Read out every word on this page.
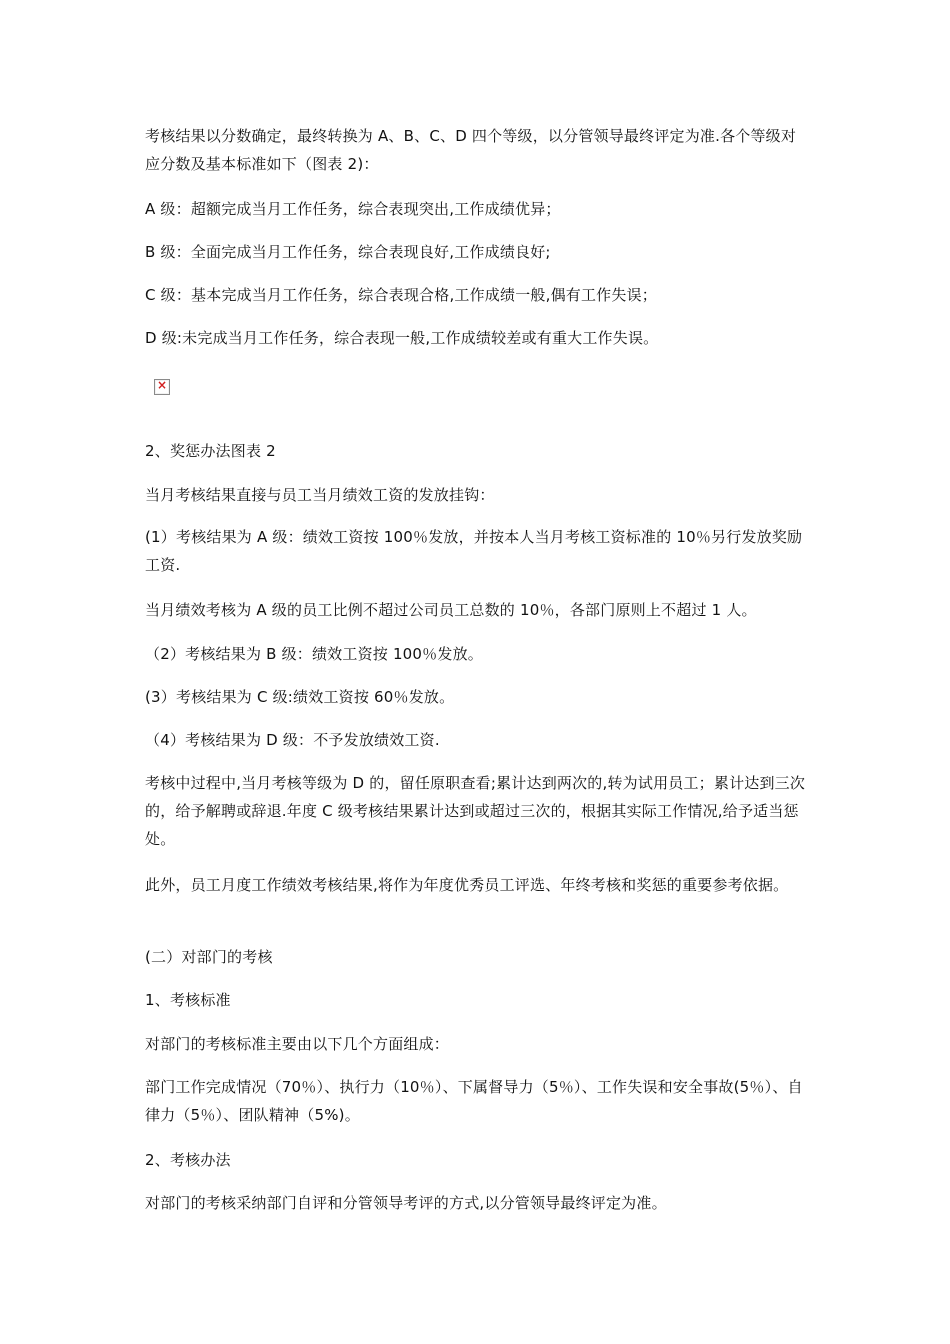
考核结果以分数确定，最终转换为 A、B、C、D 四个等级，以分管领导最终评定为准.各个等级对应分数及基本标准如下（图表 2)：
A 级：超额完成当月工作任务，综合表现突出,工作成绩优异；
B 级：全面完成当月工作任务，综合表现良好,工作成绩良好;
C 级：基本完成当月工作任务，综合表现合格,工作成绩一般,偶有工作失误；
D 级:未完成当月工作任务，综合表现一般,工作成绩较差或有重大工作失误。
×
2、奖惩办法图表 2
当月考核结果直接与员工当月绩效工资的发放挂钩：
(1）考核结果为 A 级：绩效工资按 100％发放，并按本人当月考核工资标准的 10％另行发放奖励工资.
当月绩效考核为 A 级的员工比例不超过公司员工总数的 10％，各部门原则上不超过 1 人。
（2）考核结果为 B 级：绩效工资按 100％发放。
(3）考核结果为 C 级:绩效工资按 60％发放。
（4）考核结果为 D 级：不予发放绩效工资.
考核中过程中,当月考核等级为 D 的，留任原职查看;累计达到两次的,转为试用员工；累计达到三次的，给予解聘或辞退.年度 C 级考核结果累计达到或超过三次的，根据其实际工作情况,给予适当惩处。
此外，员工月度工作绩效考核结果,将作为年度优秀员工评选、年终考核和奖惩的重要参考依据。
(二）对部门的考核
1、考核标准
对部门的考核标准主要由以下几个方面组成：
部门工作完成情况（70％）、执行力（10％）、下属督导力（5％）、工作失误和安全事故(5％）、自律力（5％）、团队精神（5%)。
2、考核办法
对部门的考核采纳部门自评和分管领导考评的方式,以分管领导最终评定为准。
